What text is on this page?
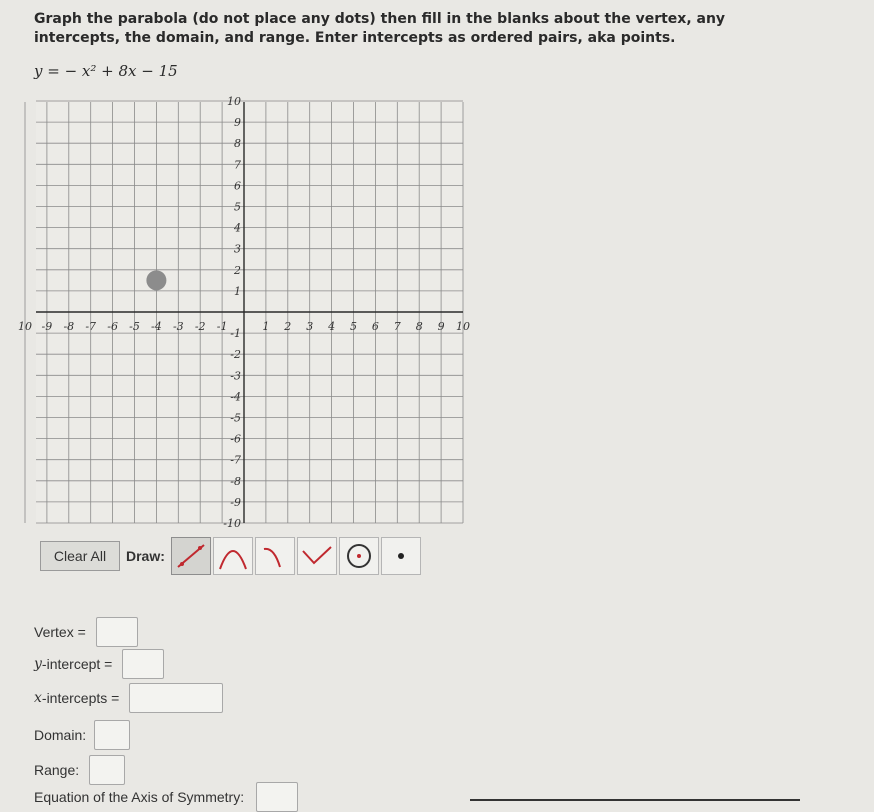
Graph the parabola (do not place any dots) then fill in the blanks about the vertex, any intercepts, the domain, and range. Enter intercepts as ordered pairs, aka points.
y = − x² + 8x − 15
10 -9 -8 -7 -6 -5 -4 -3 -2 -1	1 2 3 4 5 6 7 8 9 10
10
9
8
7
6
5
4
3
2
1
-1
-2
-3
-4
-5
-6
-7
-8
-9
-10
Clear All	Draw:
Vertex =
y -intercept =
x -intercepts =
Domain:
Range:
Equation of the Axis of Symmetry:
